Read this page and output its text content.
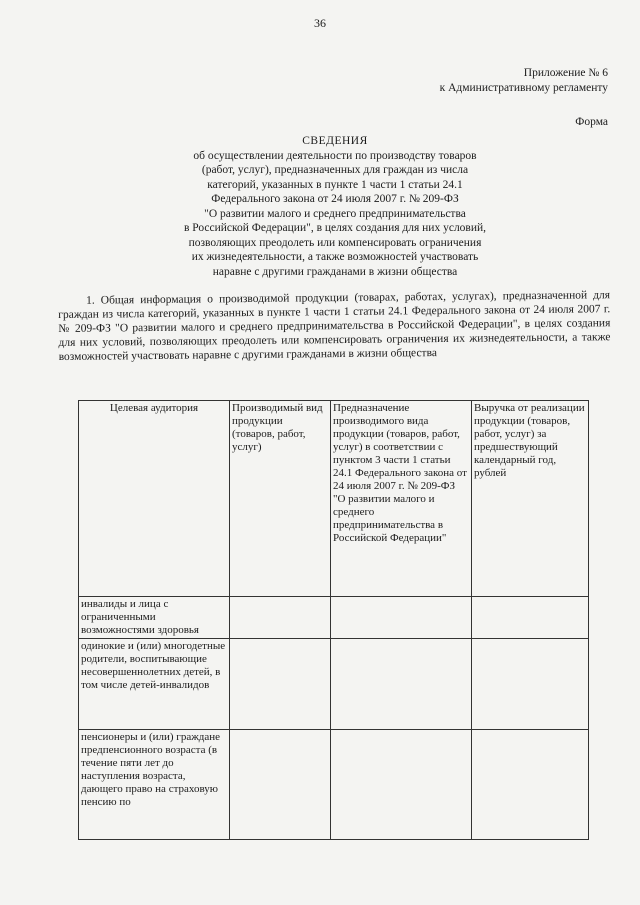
36
Приложение № 6
к Административному регламенту
Форма
СВЕДЕНИЯ
об осуществлении деятельности по производству товаров
(работ, услуг), предназначенных для граждан из числа
категорий, указанных в пункте 1 части 1 статьи 24.1
Федерального закона от 24 июля 2007 г. № 209-ФЗ
"О развитии малого и среднего предпринимательства
в Российской Федерации", в целях создания для них условий,
позволяющих преодолеть или компенсировать ограничения
их жизнедеятельности, а также возможностей участвовать
наравне с другими гражданами в жизни общества
1. Общая информация о производимой продукции (товарах, работах, услугах), предназначенной для граждан из числа категорий, указанных в пункте 1 части 1 статьи 24.1 Федерального закона от 24 июля 2007 г. № 209-ФЗ "О развитии малого и среднего предпринимательства в Российской Федерации", в целях создания для них условий, позволяющих преодолеть или компенсировать ограничения их жизнедеятельности, а также возможностей участвовать наравне с другими гражданами в жизни общества
Целевая аудитория	Производимый вид продукции (товаров, работ, услуг)	Предназначение производимого вида продукции (товаров, работ, услуг) в соответствии с пунктом 3 части 1 статьи 24.1 Федерального закона от 24 июля 2007 г. № 209-ФЗ "О развитии малого и среднего предпринимательства в Российской Федерации"	Выручка от реализации продукции (товаров, работ, услуг) за предшествующий календарный год, рублей
инвалиды и лица с ограниченными возможностями здоровья			
одинокие и (или) многодетные родители, воспитывающие несовершеннолетних детей, в том числе детей-инвалидов			
пенсионеры и (или) граждане предпенсионного возраста (в течение пяти лет до наступления возраста, дающего право на страховую пенсию по			
